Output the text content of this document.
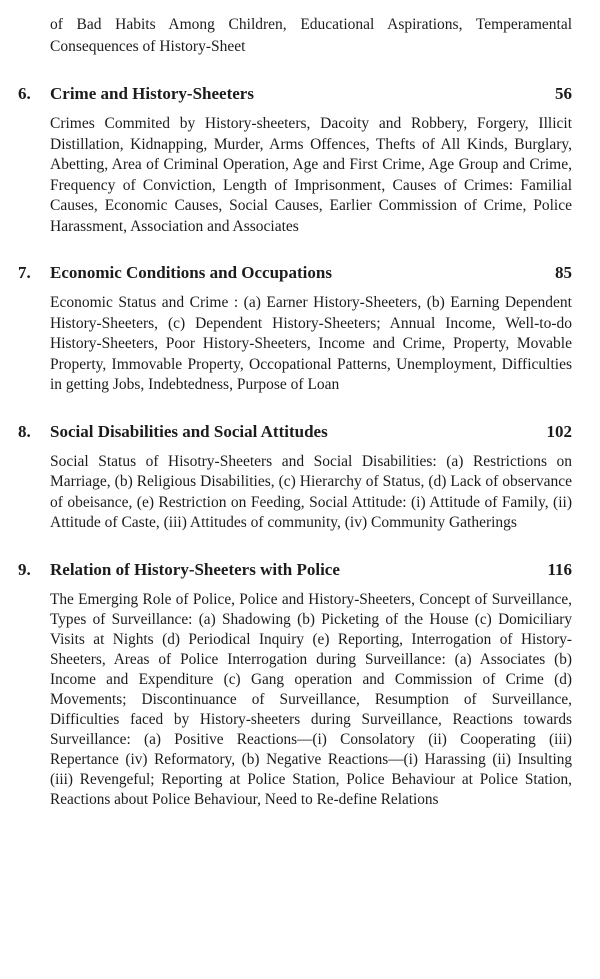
of Bad Habits Among Children, Educational Aspirations, Temperamental Consequences of History-Sheet
6.	Crime and History-Sheeters	56
Crimes Commited by History-sheeters, Dacoity and Robbery, Forgery, Illicit Distillation, Kidnapping, Murder, Arms Offences, Thefts of All Kinds, Burglary, Abetting, Area of Criminal Operation, Age and First Crime, Age Group and Crime, Frequency of Conviction, Length of Imprisonment, Causes of Crimes: Familial Causes, Economic Causes, Social Causes, Earlier Commission of Crime, Police Harassment, Association and Associates
7.	Economic Conditions and Occupations	85
Economic Status and Crime : (a) Earner History-Sheeters, (b) Earning Dependent History-Sheeters, (c) Dependent History-Sheeters; Annual Income, Well-to-do History-Sheeters, Poor History-Sheeters, Income and Crime, Property, Movable Property, Immovable Property, Occopational Patterns, Unemployment, Difficulties in getting Jobs, Indebtedness, Purpose of Loan
8.	Social Disabilities and Social Attitudes	102
Social Status of Hisotry-Sheeters and Social Disabilities: (a) Restrictions on Marriage, (b) Religious Disabilities, (c) Hierarchy of Status, (d) Lack of observance of obeisance, (e) Restriction on Feeding, Social Attitude: (i) Attitude of Family, (ii) Attitude of Caste, (iii) Attitudes of community, (iv) Community Gatherings
9.	Relation of History-Sheeters with Police	116
The Emerging Role of Police, Police and History-Sheeters, Concept of Surveillance, Types of Surveillance: (a) Shadowing (b) Picketing of the House (c) Domiciliary Visits at Nights (d) Periodical Inquiry (e) Reporting, Interrogation of History-Sheeters, Areas of Police Interrogation during Surveillance: (a) Associates (b) Income and Expenditure (c) Gang operation and Commission of Crime (d) Movements; Discontinuance of Surveillance, Resumption of Surveillance, Difficulties faced by History-sheeters during Surveillance, Reactions towards Surveillance: (a) Positive Reactions—(i) Consolatory (ii) Cooperating (iii) Repertance (iv) Reformatory, (b) Negative Reactions—(i) Harassing (ii) Insulting (iii) Revengeful; Reporting at Police Station, Police Behaviour at Police Station, Reactions about Police Behaviour, Need to Re-define Relations
